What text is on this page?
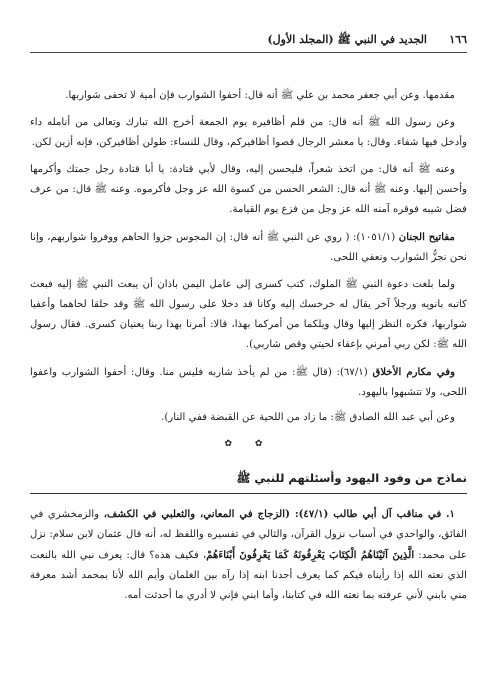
١٦٦
الجديد في النبي ﷺ (المجلد الأول)

مقدمها. وعن أبي جعفر محمد بن علي ﷺ أنه قال: أحفوا الشوارب فإن أمية لا تحفى شواربها.

وعن رسول الله ﷺ أنه قال: من قلم أظافيره يوم الجمعة أخرج الله تبارك وتعالى من أنامله داء وأدخل فيها شفاء. وقال: يا معشر الرجال قصوا أظافيركم، وقال للنساء: طولن أظافيركن، فإنه أزين لكن.

وعنه ﷺ أنه قال: من اتخذ شعراً، فليحسن إليه، وقال لأبي قتادة: يا أبا قتادة رجل جمتك وأكرمها وأحسن إليها. وعنه ﷺ أنه قال: الشعر الحسن من كسوة الله عز وجل فأكرموه. وعنه ﷺ قال: من عرف فضل شيبه فوقره آمنه الله عز وجل من فزع يوم القيامة.

مفاتيح الجنان (١٠٥١/١): ( روي عن النبي ﷺ أنه قال: إن المجوس جزوا الحاهم ووفروا شواربهم، وإنا نحن نجزُّ الشوارب ونعفي اللحى.

ولما بلغت دعوة النبي ﷺ الملوك، كتب كسرى إلى عامل اليمن باذان أن يبعث النبي ﷺ إليه فبعث كاتبه بانويه ورجلاً آخر يقال له خرخسك إليه وكانا قد دخلا على رسول الله ﷺ وقد حلقا لحاهما وأعفيا شواربها، فكره النظر إليها وقال ويلكما من أمركما بهذا، قالا: أمرنا بهذا ربنا يعنيان كسرى. فقال رسول الله ﷺ: لكن ربي أمرني بإعفاء لحيتي وقص شاربي).

وفي مكارم الأخلاق (٦٧/١): (قال ﷺ: من لم يأخذ شاربه فليس منا. وقال: أحفوا الشوارب واعفوا اللحى، ولا تتشبهوا باليهود.

وعن أبي عبد الله الصادق ﷺ: ما زاد من اللحية عن القبضة ففي النار).

✿ ✿
نماذج من وفود اليهود وأسئلتهم للنبي ﷺ

١. في مناقب آل أبي طالب (٤٧/١): (الزجاج في المعاني، والثعلبي في الكشف، والزمخشري في الفائق، والواحدي في أسباب نزول القرآن، والثالي في تفسيره واللفظ له، أنه قال عثمان لابن سلام: نزل على محمد: الَّذِينَ آتَيْنَاهُمُ الْكِتَابَ يَعْرِفُونَهُ كَمَا يَعْرِفُونَ أَبْنَاءَهُمْ، فكيف هذه؟ قال: يعرف نبي الله بالنعت الذي نعته الله إذا رأيناه فيكم كما يعرف أحدنا ابنه إذا رآه بين الغلمان وأيم الله لأنا بمحمد أشد معرفة مني بابني لأني عرفته بما نعته الله في كتابنا، وأما ابني فإني لا أدري ما أحدثت أمه.
